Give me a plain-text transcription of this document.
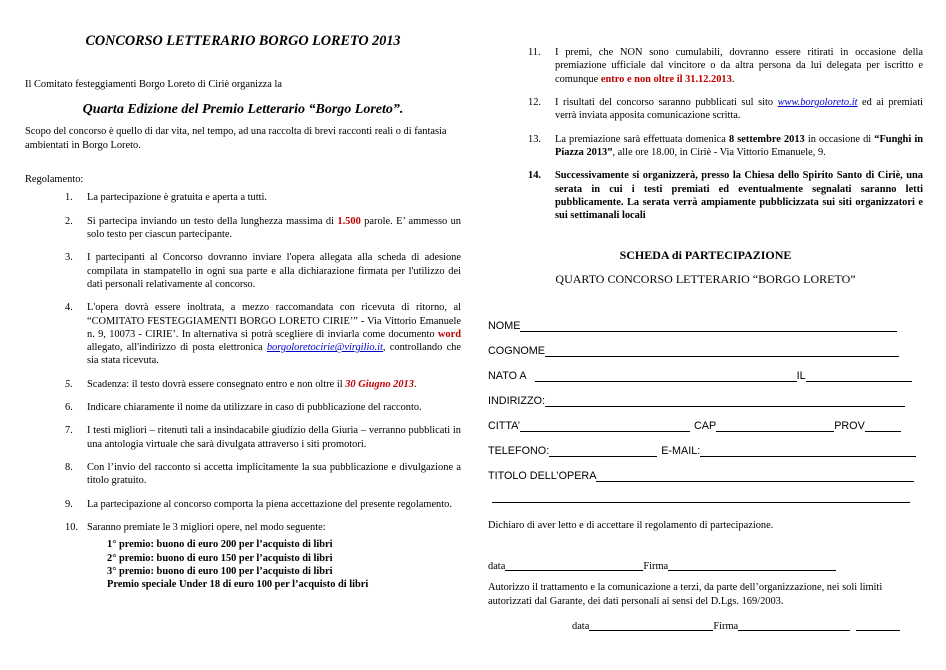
CONCORSO LETTERARIO BORGO LORETO 2013
Il Comitato festeggiamenti Borgo Loreto di Ciriè organizza la
Quarta Edizione del Premio Letterario “Borgo Loreto”.
Scopo del concorso è quello di dar vita, nel tempo, ad una raccolta di brevi racconti reali o di fantasia ambientati in Borgo Loreto.
Regolamento:
1. La partecipazione è gratuita e aperta a tutti.
2. Si partecipa inviando un testo della lunghezza massima di 1.500 parole. E’ ammesso un solo testo per ciascun partecipante.
3. I partecipanti al Concorso dovranno inviare l'opera allegata alla scheda di adesione compilata in stampatello in ogni sua parte e alla dichiarazione firmata per l'utilizzo dei dati personali relativamente al concorso.
4. L'opera dovrà essere inoltrata, a mezzo raccomandata con ricevuta di ritorno, al “COMITATO FESTEGGIAMENTI BORGO LORETO CIRIE’” - Via Vittorio Emanuele n. 9, 10073 - CIRIE’. In alternativa si potrà scegliere di inviarla come documento word allegato, all'indirizzo di posta elettronica borgoloretocirie@virgilio.it, controllando che sia stata ricevuta.
5. Scadenza: il testo dovrà essere consegnato entro e non oltre il 30 Giugno 2013.
6. Indicare chiaramente il nome da utilizzare in caso di pubblicazione del racconto.
7. I testi migliori – ritenuti tali a insindacabile giudizio della Giuria – verranno pubblicati in una antologia virtuale che sarà divulgata attraverso i siti promotori.
8. Con l’invio del racconto si accetta implicitamente la sua pubblicazione e divulgazione a titolo gratuito.
9. La partecipazione al concorso comporta la piena accettazione del presente regolamento.
10. Saranno premiate le 3 migliori opere, nel modo seguente:
1° premio: buono di euro 200 per l’acquisto di libri
2° premio: buono di euro 150 per l’acquisto di libri
3° premio: buono di euro 100 per l’acquisto di libri
Premio speciale Under 18 di euro 100 per l’acquisto di libri
11. I premi, che NON sono cumulabili, dovranno essere ritirati in occasione della premiazione ufficiale dal vincitore o da altra persona da lui delegata per iscritto e comunque entro e non oltre il 31.12.2013.
12. I risultati del concorso saranno pubblicati sul sito www.borgoloreto.it ed ai premiati verrà inviata apposita comunicazione scritta.
13. La premiazione sarà effettuata domenica 8 settembre 2013 in occasione di “Funghi in Piazza 2013”, alle ore 18.00, in Ciriè - Via Vittorio Emanuele, 9.
14. Successivamente si organizzerà, presso la Chiesa dello Spirito Santo di Ciriè, una serata in cui i testi premiati ed eventualmente segnalati saranno letti pubblicamente. La serata verrà ampiamente pubblicizzata sui siti organizzatori e sui settimanali locali
SCHEDA di PARTECIPAZIONE
QUARTO CONCORSO LETTERARIO “BORGO LORETO”
NOME
COGNOME
NATO A	IL
INDIRIZZO:
CITTA’	CAP	PROV
TELEFONO:	E-MAIL:
TITOLO DELL’OPERA
Dichiaro di aver letto e di accettare il regolamento di partecipazione.
data	Firma
Autorizzo il trattamento e la comunicazione a terzi, da parte dell’organizzazione, nei soli limiti autorizzati dal Garante, dei dati personali ai sensi del D.Lgs. 169/2003.
data	Firma
